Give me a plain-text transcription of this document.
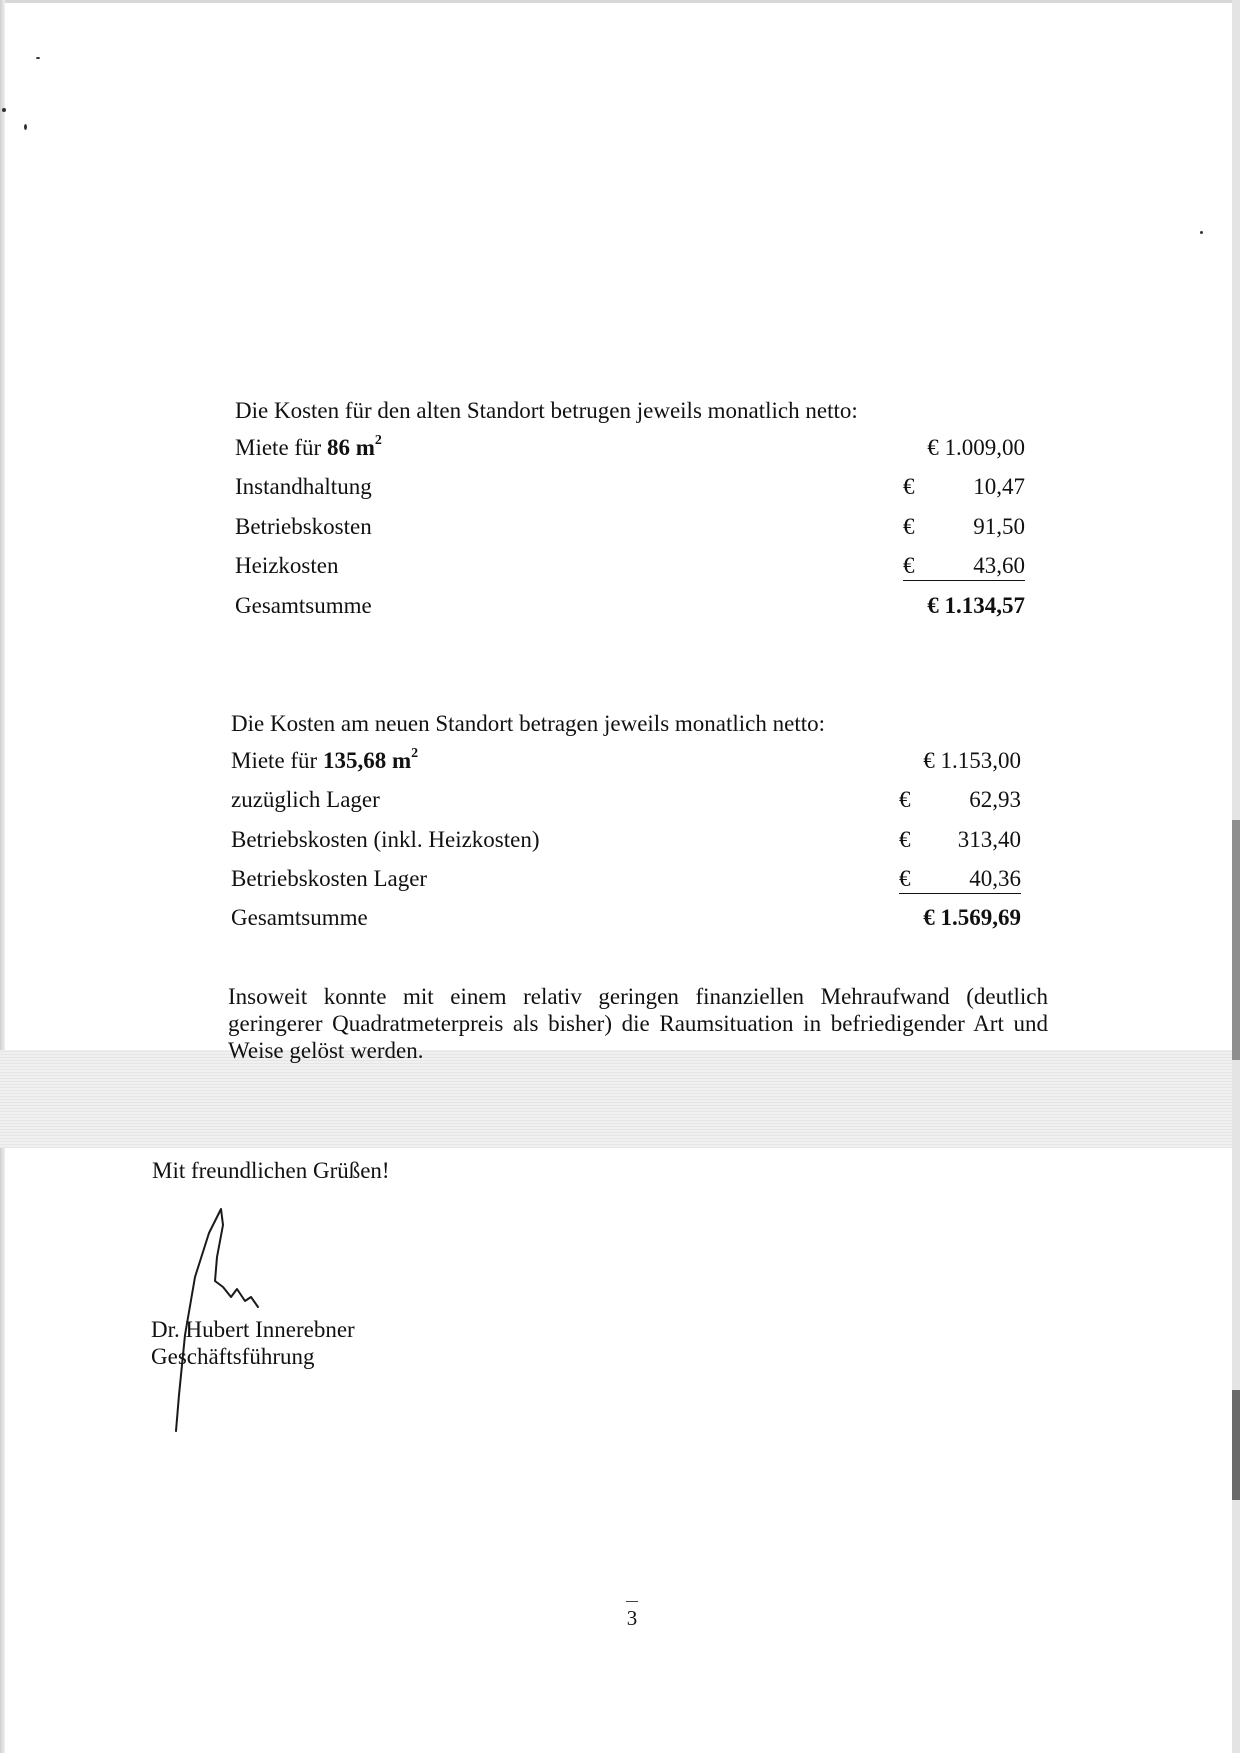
Die Kosten für den alten Standort betrugen jeweils monatlich netto:
Miete für 86 $m^2$	€ 1.009,00
Instandhaltung	€	10,47
Betriebskosten	€	91,50
Heizkosten	€	43,60
Gesamtsumme	€ 1.134,57
Die Kosten am neuen Standort betragen jeweils monatlich netto:
Miete für 135,68 $m^2$	€ 1.153,00
zuzüglich Lager	€	62,93
Betriebskosten (inkl. Heizkosten)	€ 313,40
Betriebskosten Lager	€	40,36
Gesamtsumme	€ 1.569,69
Insoweit konnte mit einem relativ geringen finanziellen Mehraufwand (deutlich geringerer Quadratmeterpreis als bisher) die Raumsituation in befriedigender Art und Weise gelöst werden.
Mit freundlichen Grüßen!
Dr. Hubert Innerebner
Geschäftsführung
3
